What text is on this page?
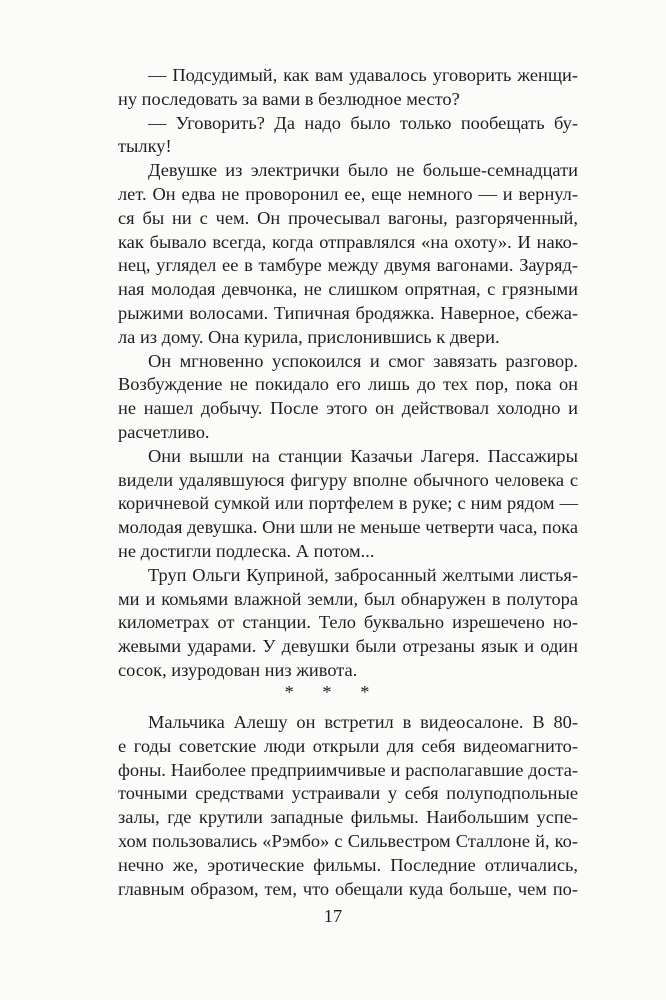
— Подсудимый, как вам удавалось уговорить женщи-
ну последовать за вами в безлюдное место?

— Уговорить? Да надо было только пообещать бу-
тылку!

Девушке из электрички было не больше-семнадцати
лет. Он едва не проворонил ее, еще немного — и вернул-
ся бы ни с чем. Он прочесывал вагоны, разгоряченный,
как бывало всегда, когда отправлялся «на охоту». И нако-
нец, углядел ее в тамбуре между двумя вагонами. Зауряд-
ная молодая девчонка, не слишком опрятная, с грязными
рыжими волосами. Типичная бродяжка. Наверное, сбежа-
ла из дому. Она курила, прислонившись к двери.

Он мгновенно успокоился и смог завязать разговор.
Возбуждение не покидало его лишь до тех пор, пока он
не нашел добычу. После этого он действовал холодно и
расчетливо.

Они вышли на станции Казачьи Лагеря. Пассажиры
видели удалявшуюся фигуру вполне обычного человека с
коричневой сумкой или портфелем в руке; с ним рядом —
молодая девушка. Они шли не меньше четверти часа, пока
не достигли подлеска. А потом...

Труп Ольги Куприной, забросанный желтыми листья-
ми и комьями влажной земли, был обнаружен в полутора
километрах от станции. Тело буквально изрешечено но-
жевыми ударами. У девушки были отрезаны язык и один
сосок, изуродован низ живота.

* * *

Мальчика Алешу он встретил в видеосалоне. В 80-
е годы советские люди открыли для себя видеомагнито-
фоны. Наиболее предприимчивые и располагавшие доста-
точными средствами устраивали у себя полуподпольные
залы, где крутили западные фильмы. Наибольшим успе-
хом пользовались «Рэмбо» с Сильвестром Сталлоне й, ко-
нечно же, эротические фильмы. Последние отличались,
главным образом, тем, что обещали куда больше, чем по-

17
